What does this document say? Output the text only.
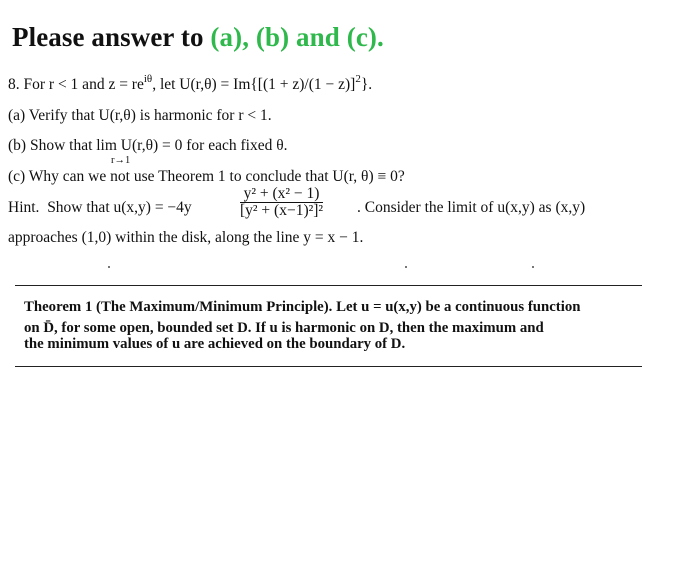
Please answer to (a), (b) and (c).
8. For r < 1 and $z = re^{i\theta}$, let $U(r,\theta) = Im\{[(1 + z)/(1 - z)]^2\}$.
(a) Verify that U(r,θ) is harmonic for r < 1.
(b) Show that lim U(r,θ) = 0 for each fixed θ.
r→1
(c) Why can we not use Theorem 1 to conclude that U(r, θ) ≡ 0?
Hint. Show that u(x,y) = −4y	$\frac{\text{y² + (x² − 1)}}{\text{[y² + (x−1)²]²}}$ . Consider the limit of u(x,y) as (x,y)
approaches (1,0) within the disk, along the line y = x − 1.
Theorem 1 (The Maximum/Minimum Principle). Let u = u(x,y) be a continuous function
on D̄, for some open, bounded set D. If u is harmonic on D, then the maximum and
the minimum values of u are achieved on the boundary of D.
